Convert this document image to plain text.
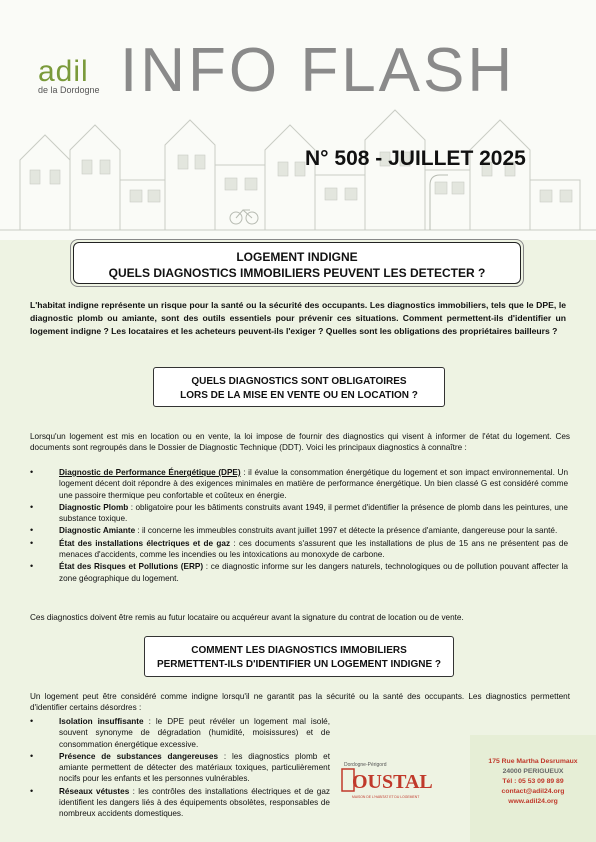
adil
de la Dordogne INFO FLASH
N° 508 - JUILLET 2025
LOGEMENT INDIGNE
QUELS DIAGNOSTICS IMMOBILIERS PEUVENT LES DETECTER ?
L'habitat indigne représente un risque pour la santé ou la sécurité des occupants. Les diagnostics immobiliers, tels que le DPE, le diagnostic plomb ou amiante, sont des outils essentiels pour prévenir ces situations. Comment permettent-ils d'identifier un logement indigne ? Les locataires et les acheteurs peuvent-ils l'exiger ? Quelles sont les obligations des propriétaires bailleurs ?
QUELS DIAGNOSTICS SONT OBLIGATOIRES
LORS DE LA MISE EN VENTE OU EN LOCATION ?
Lorsqu'un logement est mis en location ou en vente, la loi impose de fournir des diagnostics qui visent à informer de l'état du logement. Ces documents sont regroupés dans le Dossier de Diagnostic Technique (DDT). Voici les principaux diagnostics à connaître :
• Diagnostic de Performance Énergétique (DPE) : il évalue la consommation énergétique du logement et son impact environnemental. Un logement décent doit répondre à des exigences minimales en matière de performance énergétique. Un bien classé G est considéré comme une passoire thermique peu confortable et coûteux en énergie.
• Diagnostic Plomb : obligatoire pour les bâtiments construits avant 1949, il permet d'identifier la présence de plomb dans les peintures, une substance toxique.
• Diagnostic Amiante : il concerne les immeubles construits avant juillet 1997 et détecte la présence d'amiante, dangereuse pour la santé.
• État des installations électriques et de gaz : ces documents s'assurent que les installations de plus de 15 ans ne présentent pas de menaces d'accidents, comme les incendies ou les intoxications au monoxyde de carbone.
• État des Risques et Pollutions (ERP) : ce diagnostic informe sur les dangers naturels, technologiques ou de pollution pouvant affecter la zone géographique du logement.
Ces diagnostics doivent être remis au futur locataire ou acquéreur avant la signature du contrat de location ou de vente.
COMMENT LES DIAGNOSTICS IMMOBILIERS
PERMETTENT-ILS D'IDENTIFIER UN LOGEMENT INDIGNE ?
Un logement peut être considéré comme indigne lorsqu'il ne garantit pas la sécurité ou la santé des occupants. Les diagnostics permettent d'identifier certains désordres :
• Isolation insuffisante : le DPE peut révéler un logement mal isolé, souvent synonyme de dégradation (humidité, moisissures) et de consommation énergétique excessive.
• Présence de substances dangereuses : les diagnostics plomb et amiante permettent de détecter des matériaux toxiques, particulièrement nocifs pour les enfants et les personnes vulnérables.
• Réseaux vétustes : les contrôles des installations électriques et de gaz identifient les dangers liés à des équipements obsolètes, responsables de nombreux accidents domestiques.
Dordogne-Périgord
OUSTAL
MAISON DE L'HABITAT ET DU LOGEMENT
175 Rue Martha Desrumaux
24000 PERIGUEUX
Tél : 05 53 09 89 89
contact@adil24.org
www.adil24.org
